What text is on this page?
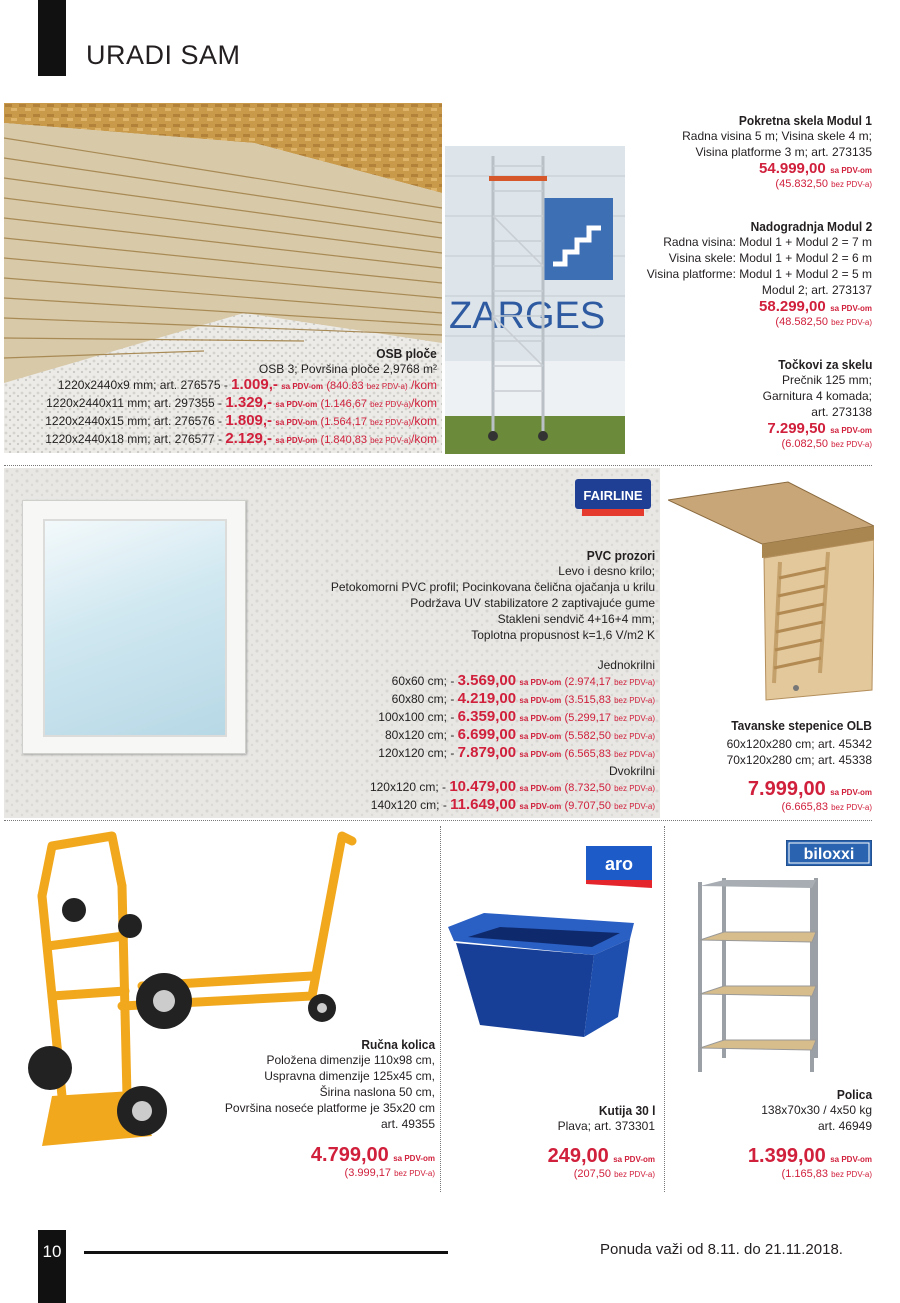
URADI SAM
OSB ploče
OSB 3; Površina ploče 2,9768 m²
1220x2440x9 mm; art. 276575 - 1.009,- sa PDV-om (840.83 bez PDV-a) /kom
1220x2440x11 mm; art. 297355 - 1.329,- sa PDV-om (1.146,67 bez PDV-a)/kom
1220x2440x15 mm; art. 276576 - 1.809,- sa PDV-om (1.564,17 bez PDV-a)/kom
1220x2440x18 mm; art. 276577 - 2.129,- sa PDV-om (1.840,83 bez PDV-a)/kom
ZARGES
Pokretna skela Modul 1
Radna visina 5 m; Visina skele 4 m;
Visina platforme 3 m; art. 273135
54.999,00 sa PDV-om
(45.832,50 bez PDV-a)
Nadogradnja Modul 2
Radna visina: Modul 1 + Modul 2 = 7 m
Visina skele: Modul 1 + Modul 2 = 6 m
Visina platforme: Modul 1 + Modul 2 = 5 m
Modul 2; art. 273137
58.299,00 sa PDV-om
(48.582,50 bez PDV-a)
Točkovi za skelu
Prečnik 125 mm;
Garnitura 4 komada;
art. 273138
7.299,50 sa PDV-om
(6.082,50 bez PDV-a)
FAIRLINE
PVC prozori
Levo i desno krilo;
Petokomorni PVC profil; Pocinkovana čelična ojačanja u krilu
Podržava UV stabilizatore 2 zaptivajuće gume
Stakleni sendvič 4+16+4 mm;
Toplotna propusnost k=1,6 V/m2 K
Jednokrilni
60x60 cm; - 3.569,00 sa PDV-om (2.974,17 bez PDV-a)
60x80 cm; - 4.219,00 sa PDV-om (3.515,83 bez PDV-a)
100x100 cm; - 6.359,00 sa PDV-om (5.299,17 bez PDV-a)
80x120 cm; - 6.699,00 sa PDV-om (5.582,50 bez PDV-a)
120x120 cm; - 7.879,00 sa PDV-om (6.565,83 bez PDV-a)
Dvokrilni
120x120 cm; - 10.479,00 sa PDV-om (8.732,50 bez PDV-a)
140x120 cm; - 11.649,00 sa PDV-om (9.707,50 bez PDV-a)
Tavanske stepenice OLB
60x120x280 cm; art. 45342
70x120x280 cm; art. 45338
7.999,00 sa PDV-om
(6.665,83 bez PDV-a)
Ručna kolica
Položena dimenzije 110x98 cm,
Uspravna dimenzije 125x45 cm,
Širina naslona 50 cm,
Površina noseće platforme je 35x20 cm
art. 49355
4.799,00 sa PDV-om
(3.999,17 bez PDV-a)
aro
Kutija 30 l
Plava; art. 373301
249,00 sa PDV-om
(207,50 bez PDV-a)
biloxxi
Polica
138x70x30 / 4x50 kg
art. 46949
1.399,00 sa PDV-om
(1.165,83 bez PDV-a)
10	Ponuda važi od 8.11. do 21.11.2018.
